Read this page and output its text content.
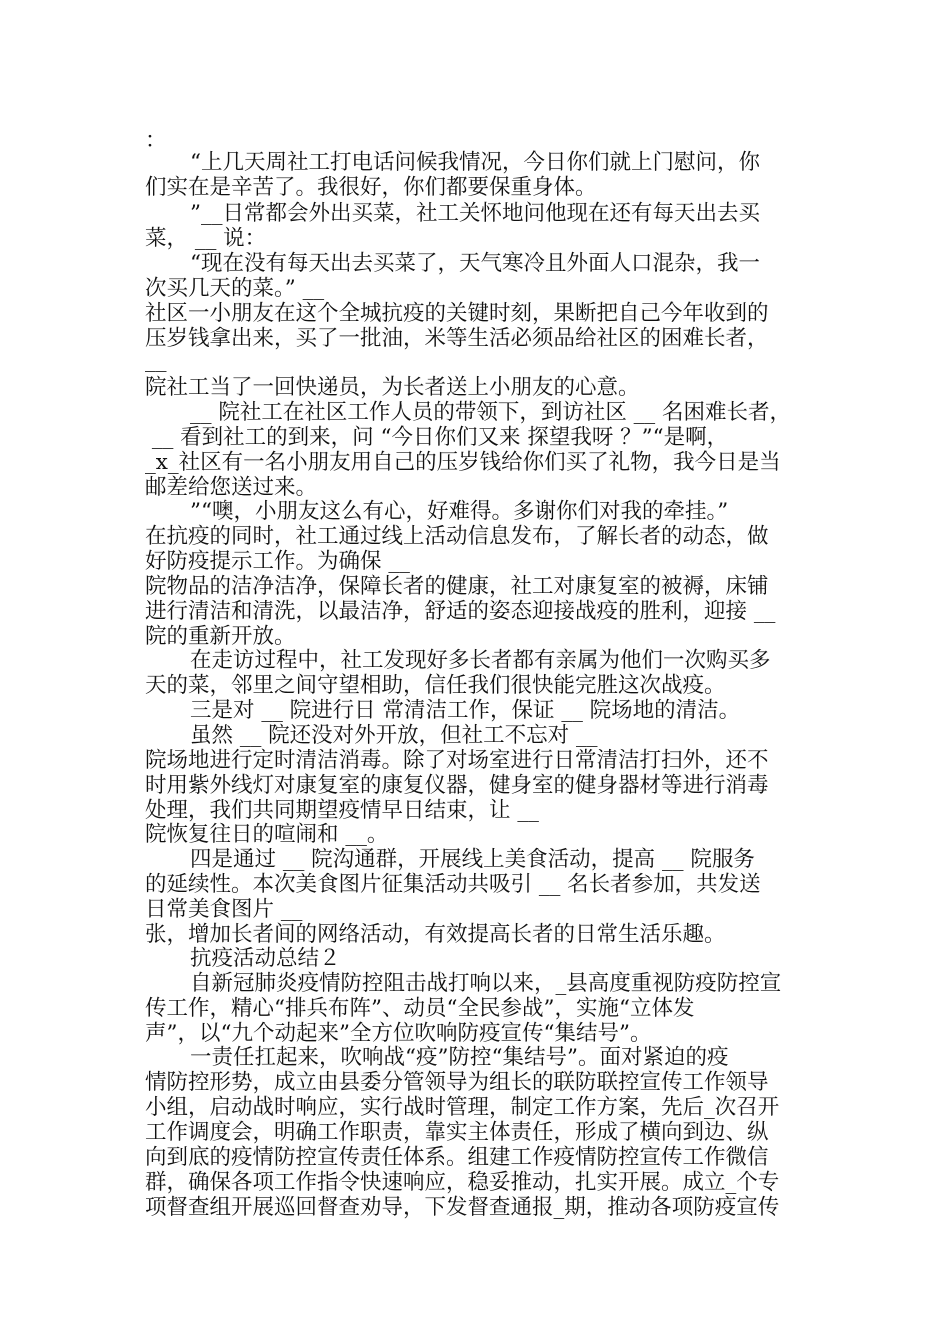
：
“上几天周社工打电话问候我情况，今日你们就上门慰问，你
们实在是辛苦了。我很好，你们都要保重身体。
”__日常都会外出买菜，社工关怀地问他现在还有每天出去买
菜， __ 说：
“现在没有每天出去买菜了，天气寒冷且外面人口混杂，我一
次买几天的菜。” __
社区一小朋友在这个全城抗疫的关键时刻，果断把自己今年收到的
压岁钱拿出来，买了一批油，米等生活必须品给社区的困难长者，
__
院社工当了一回快递员，为长者送上小朋友的心意。
__ 院社工在社区工作人员的带领下，到访社区 __ 名困难长者，
__ 看到社工的到来，问 “今日你们又来 探望我呀 ？”“是啊，
_x_社区有一名小朋友用自己的压岁钱给你们买了礼物，我今日是当
邮差给您送过来。
”“噢，小朋友这么有心，好难得。多谢你们对我的牵挂。”
在抗疫的同时，社工通过线上活动信息发布，了解长者的动态，做
好防疫提示工作。为确保 __
院物品的洁净洁净，保障长者的健康，社工对康复室的被褥，床铺
进行清洁和清洗，以最洁净，舒适的姿态迎接战疫的胜利，迎接 __
院的重新开放。
在走访过程中，社工发现好多长者都有亲属为他们一次购买多
天的菜，邻里之间守望相助，信任我们很快能完胜这次战疫。
三是对 __ 院进行日 常清洁工作，保证 __ 院场地的清洁。
虽然 __ 院还没对外开放，但社工不忘对 __
院场地进行定时清洁消毒。除了对场室进行日常清洁打扫外，还不
时用紫外线灯对康复室的康复仪器，健身室的健身器材等进行消毒
处理，我们共同期望疫情早日结束，让 __
院恢复往日的喧闹和 __。
四是通过 __ 院沟通群，开展线上美食活动，提高 __ 院服务
的延续性。本次美食图片征集活动共吸引 __ 名长者参加，共发送
日常美食图片 __
张，增加长者间的网络活动，有效提高长者的日常生活乐趣。
抗疫活动总结２
自新冠肺炎疫情防控阻击战打响以来，_县高度重视防疫防控宣
传工作，精心“排兵布阵”、动员“全民参战”，实施“立体发
声”，以“九个动起来”全方位吹响防疫宣传“集结号”。
一责任扛起来，吹响战“疫”防控“集结号”。面对紧迫的疫
情防控形势，成立由县委分管领导为组长的联防联控宣传工作领导
小组，启动战时响应，实行战时管理，制定工作方案，先后_次召开
工作调度会，明确工作职责，靠实主体责任，形成了横向到边、纵
向到底的疫情防控宣传责任体系。组建工作疫情防控宣传工作微信
群，确保各项工作指令快速响应，稳妥推动，扎实开展。成立_个专
项督查组开展巡回督查劝导，下发督查通报_期，推动各项防疫宣传
